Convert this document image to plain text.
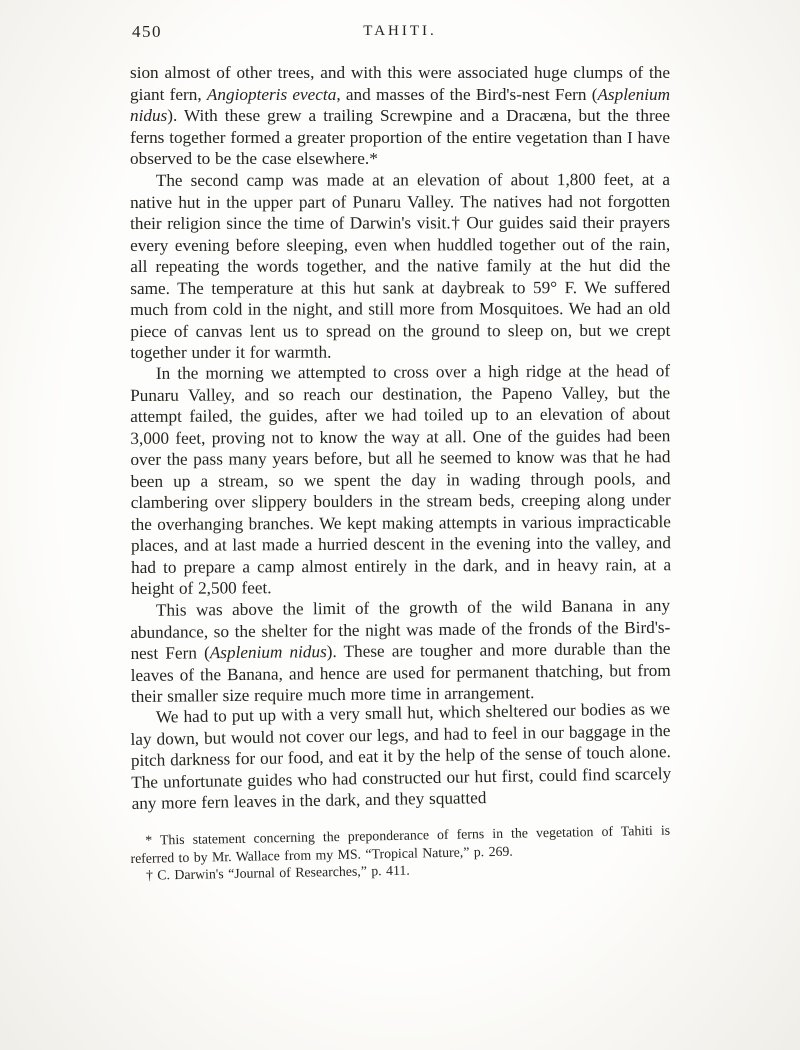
450	TAHITI.

sion almost of other trees, and with this were associated huge clumps of the giant fern, Angiopteris evecta, and masses of the Bird's-nest Fern (Asplenium nidus). With these grew a trailing Screwpine and a Dracæna, but the three ferns together formed a greater proportion of the entire vegetation than I have observed to be the case elsewhere.*

The second camp was made at an elevation of about 1,800 feet, at a native hut in the upper part of Punaru Valley. The natives had not forgotten their religion since the time of Darwin's visit.† Our guides said their prayers every evening before sleeping, even when huddled together out of the rain, all repeating the words together, and the native family at the hut did the same. The temperature at this hut sank at daybreak to 59° F. We suffered much from cold in the night, and still more from Mosquitoes. We had an old piece of canvas lent us to spread on the ground to sleep on, but we crept together under it for warmth.

In the morning we attempted to cross over a high ridge at the head of Punaru Valley, and so reach our destination, the Papeno Valley, but the attempt failed, the guides, after we had toiled up to an elevation of about 3,000 feet, proving not to know the way at all. One of the guides had been over the pass many years before, but all he seemed to know was that he had been up a stream, so we spent the day in wading through pools, and clambering over slippery boulders in the stream beds, creeping along under the overhanging branches. We kept making attempts in various impracticable places, and at last made a hurried descent in the evening into the valley, and had to prepare a camp almost entirely in the dark, and in heavy rain, at a height of 2,500 feet.

This was above the limit of the growth of the wild Banana in any abundance, so the shelter for the night was made of the fronds of the Bird's-nest Fern (Asplenium nidus). These are tougher and more durable than the leaves of the Banana, and hence are used for permanent thatching, but from their smaller size require much more time in arrangement.

We had to put up with a very small hut, which sheltered our bodies as we lay down, but would not cover our legs, and had to feel in our baggage in the pitch darkness for our food, and eat it by the help of the sense of touch alone. The unfortunate guides who had constructed our hut first, could find scarcely any more fern leaves in the dark, and they squatted

* This statement concerning the preponderance of ferns in the vegetation of Tahiti is referred to by Mr. Wallace from my MS. “Tropical Nature,” p. 269.

† C. Darwin's “Journal of Researches,” p. 411.
